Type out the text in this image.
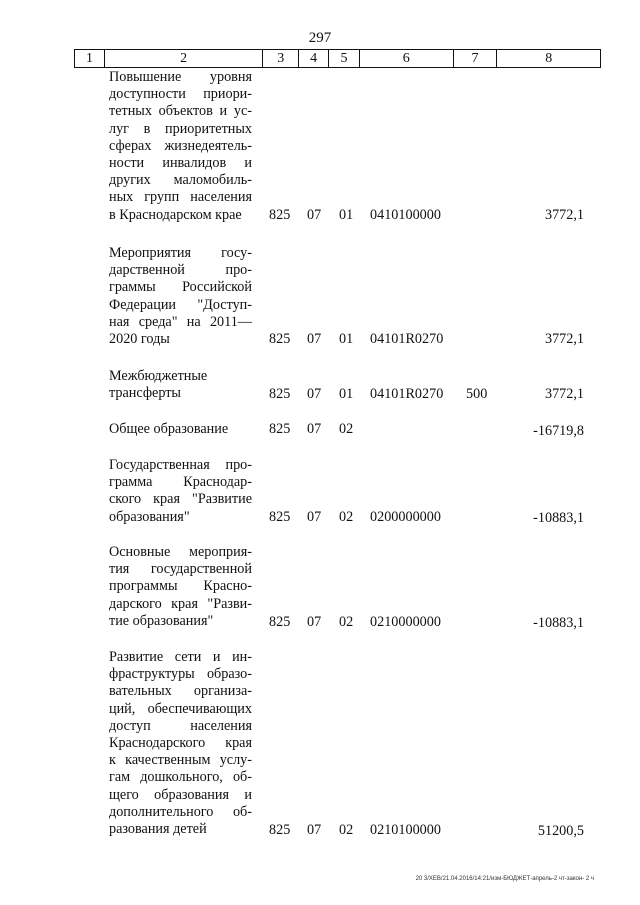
297
1	2	3	4	5	6	7	8
Повышение уровня
доступности приори-
тетных объектов и ус-
луг в приоритетных
сферах жизнедеятель-
ности инвалидов и
других маломобиль-
ных групп населения
в Краснодарском крае	825 07 01 0410100000	3772,1
Мероприятия госу-
дарственной про-
граммы Российской
Федерации "Доступ-
ная среда" на 2011—
2020 годы	825 07 01 04101R0270	3772,1
Межбюджетные
трансферты	825 07 01 04101R0270 500	3772,1
Общее образование	825 07 02	-16719,8
Государственная про-
грамма Краснодар-
ского края "Развитие
образования"	825 07 02 0200000000	-10883,1
Основные мероприя-
тия государственной
программы Красно-
дарского края "Разви-
тие образования"	825 07 02 0210000000	-10883,1
Развитие сети и ин-
фраструктуры образо-
вательных организа-
ций, обеспечивающих
доступ населения
Краснодарского края
к качественным услу-
гам дошкольного, об-
щего образования и
дополнительного об-
разования детей	825 07 02 0210100000	51200,5
20 3/ХЕВ/21.04.2016/14:21/изм-БЮДЖЕТ-апрель-2 чт-закон- 2 ч
